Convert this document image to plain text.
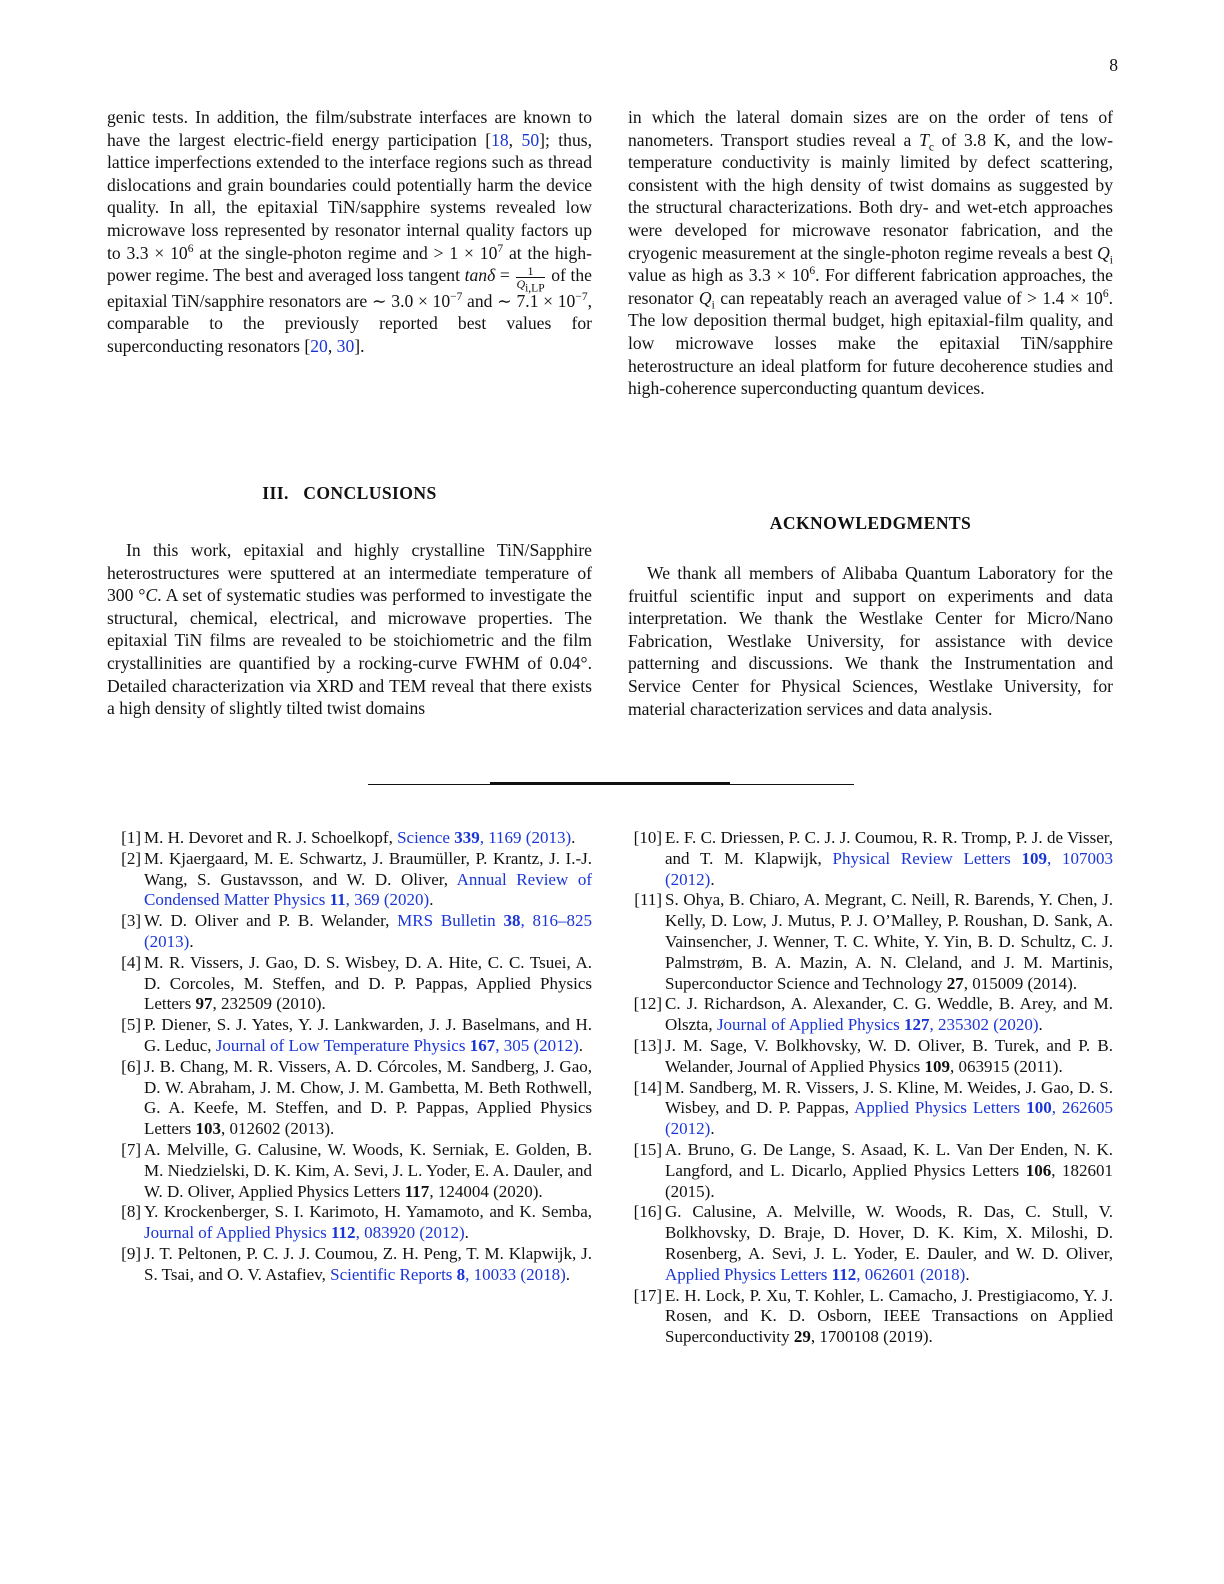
8

genic tests. In addition, the film/substrate interfaces are known to have the largest electric-field energy participation [18, 50]; thus, lattice imperfections extended to the interface regions such as thread dislocations and grain boundaries could potentially harm the device quality. In all, the epitaxial TiN/sapphire systems revealed low microwave loss represented by resonator internal quality factors up to $3.3 \times 10^6$ at the single-photon regime and > $1 \times 10^7$ at the high-power regime. The best and averaged loss tangent $\tan\delta = \frac{1}{Q_{i,LP}}$ of the epitaxial TiN/sapphire resonators are ∼ $3.0 \times 10^{-7}$ and ∼ $7.1 \times 10^{-7}$, comparable to the previously reported best values for superconducting resonators [20, 30].

III.   CONCLUSIONS

In this work, epitaxial and highly crystalline TiN/Sapphire heterostructures were sputtered at an intermediate temperature of 300 °C. A set of systematic studies was performed to investigate the structural, chemical, electrical, and microwave properties. The epitaxial TiN films are revealed to be stoichiometric and the film crystallinities are quantified by a rocking-curve FWHM of 0.04°. Detailed characterization via XRD and TEM reveal that there exists a high density of slightly tilted twist domains

in which the lateral domain sizes are on the order of tens of nanometers. Transport studies reveal a $T_c$ of 3.8 K, and the low-temperature conductivity is mainly limited by defect scattering, consistent with the high density of twist domains as suggested by the structural characterizations. Both dry- and wet-etch approaches were developed for microwave resonator fabrication, and the cryogenic measurement at the single-photon regime reveals a best $Q_i$ value as high as $3.3 \times 10^6$. For different fabrication approaches, the resonator $Q_i$ can repeatably reach an averaged value of > $1.4 \times 10^6$. The low deposition thermal budget, high epitaxial-film quality, and low microwave losses make the epitaxial TiN/sapphire heterostructure an ideal platform for future decoherence studies and high-coherence superconducting quantum devices.

ACKNOWLEDGMENTS

We thank all members of Alibaba Quantum Laboratory for the fruitful scientific input and support on experiments and data interpretation. We thank the Westlake Center for Micro/Nano Fabrication, Westlake University, for assistance with device patterning and discussions. We thank the Instrumentation and Service Center for Physical Sciences, Westlake University, for material characterization services and data analysis.

[1] M. H. Devoret and R. J. Schoelkopf, Science 339, 1169 (2013).
[2] M. Kjaergaard, M. E. Schwartz, J. Braumüller, P. Krantz, J. I.-J. Wang, S. Gustavsson, and W. D. Oliver, Annual Review of Condensed Matter Physics 11, 369 (2020).
[3] W. D. Oliver and P. B. Welander, MRS Bulletin 38, 816–825 (2013).
[4] M. R. Vissers, J. Gao, D. S. Wisbey, D. A. Hite, C. C. Tsuei, A. D. Corcoles, M. Steffen, and D. P. Pappas, Applied Physics Letters 97, 232509 (2010).
[5] P. Diener, S. J. Yates, Y. J. Lankwarden, J. J. Baselmans, and H. G. Leduc, Journal of Low Temperature Physics 167, 305 (2012).
[6] J. B. Chang, M. R. Vissers, A. D. Córcoles, M. Sandberg, J. Gao, D. W. Abraham, J. M. Chow, J. M. Gambetta, M. Beth Rothwell, G. A. Keefe, M. Steffen, and D. P. Pappas, Applied Physics Letters 103, 012602 (2013).
[7] A. Melville, G. Calusine, W. Woods, K. Serniak, E. Golden, B. M. Niedzielski, D. K. Kim, A. Sevi, J. L. Yoder, E. A. Dauler, and W. D. Oliver, Applied Physics Letters 117, 124004 (2020).
[8] Y. Krockenberger, S. I. Karimoto, H. Yamamoto, and K. Semba, Journal of Applied Physics 112, 083920 (2012).
[9] J. T. Peltonen, P. C. J. J. Coumou, Z. H. Peng, T. M. Klapwijk, J. S. Tsai, and O. V. Astafiev, Scientific Reports 8, 10033 (2018).
[10] E. F. C. Driessen, P. C. J. J. Coumou, R. R. Tromp, P. J. de Visser, and T. M. Klapwijk, Physical Review Letters 109, 107003 (2012).
[11] S. Ohya, B. Chiaro, A. Megrant, C. Neill, R. Barends, Y. Chen, J. Kelly, D. Low, J. Mutus, P. J. O’Malley, P. Roushan, D. Sank, A. Vainsencher, J. Wenner, T. C. White, Y. Yin, B. D. Schultz, C. J. Palmstrøm, B. A. Mazin, A. N. Cleland, and J. M. Martinis, Superconductor Science and Technology 27, 015009 (2014).
[12] C. J. Richardson, A. Alexander, C. G. Weddle, B. Arey, and M. Olszta, Journal of Applied Physics 127, 235302 (2020).
[13] J. M. Sage, V. Bolkhovsky, W. D. Oliver, B. Turek, and P. B. Welander, Journal of Applied Physics 109, 063915 (2011).
[14] M. Sandberg, M. R. Vissers, J. S. Kline, M. Weides, J. Gao, D. S. Wisbey, and D. P. Pappas, Applied Physics Letters 100, 262605 (2012).
[15] A. Bruno, G. De Lange, S. Asaad, K. L. Van Der Enden, N. K. Langford, and L. Dicarlo, Applied Physics Letters 106, 182601 (2015).
[16] G. Calusine, A. Melville, W. Woods, R. Das, C. Stull, V. Bolkhovsky, D. Braje, D. Hover, D. K. Kim, X. Miloshi, D. Rosenberg, A. Sevi, J. L. Yoder, E. Dauler, and W. D. Oliver, Applied Physics Letters 112, 062601 (2018).
[17] E. H. Lock, P. Xu, T. Kohler, L. Camacho, J. Prestigiacomo, Y. J. Rosen, and K. D. Osborn, IEEE Transactions on Applied Superconductivity 29, 1700108 (2019).
